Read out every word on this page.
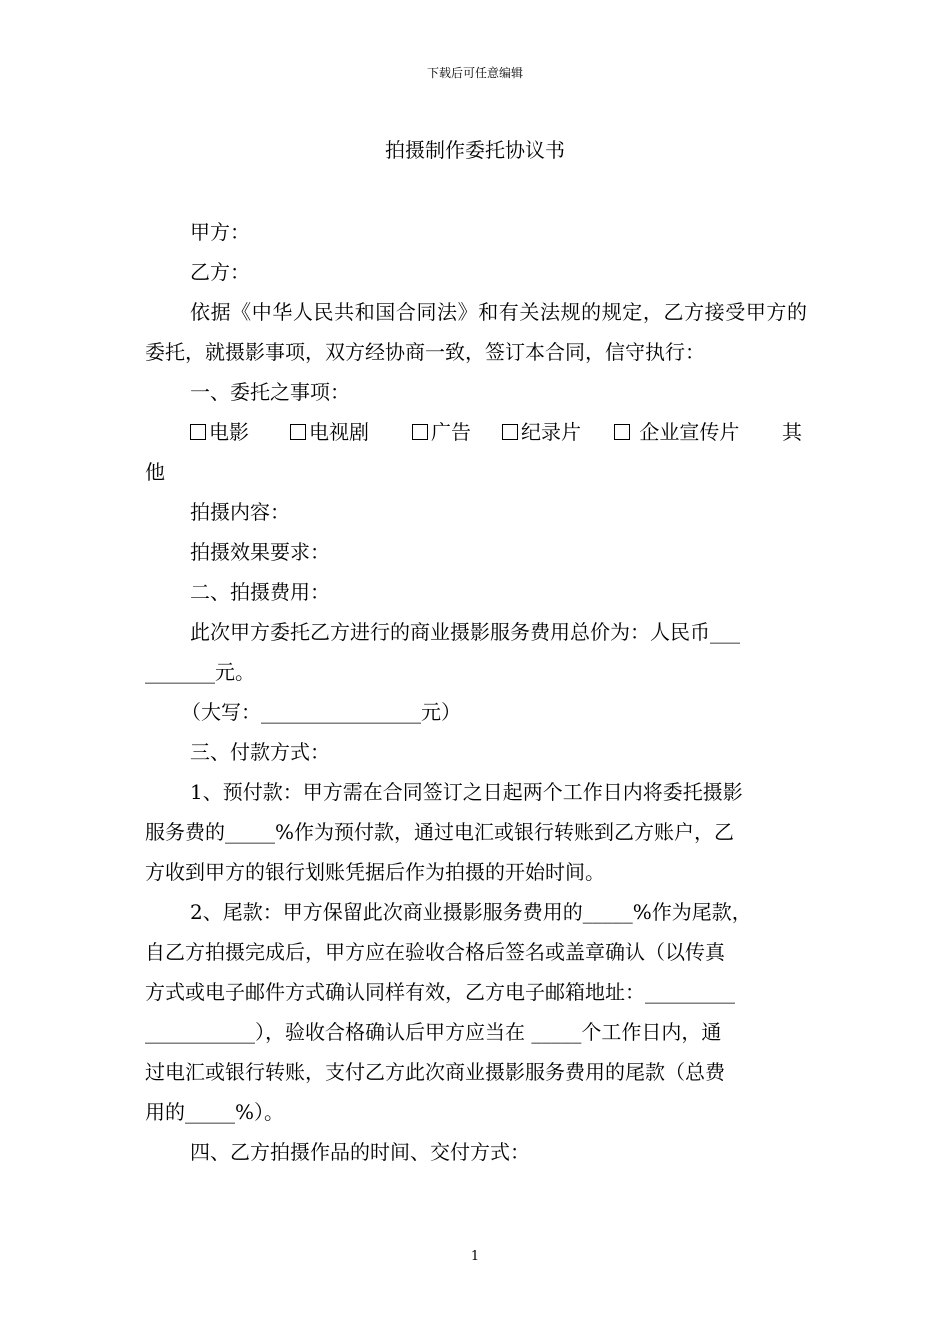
下载后可任意编辑
拍摄制作委托协议书

甲方：

乙方：

依据《中华人民共和国合同法》和有关法规的规定，乙方接受甲方的委托，就摄影事项，双方经协商一致，签订本合同，信守执行：

一、委托之事项：

电影	电视剧	广告	纪录片	企业宣传片	其

他

拍摄内容：

拍摄效果要求：

二、拍摄费用：

此次甲方委托乙方进行的商业摄影服务费用总价为：人民币___

_______元。

（大写：________________元）

三、付款方式：

1、预付款：甲方需在合同签订之日起两个工作日内将委托摄影

服务费的_____%作为预付款，通过电汇或银行转账到乙方账户，乙

方收到甲方的银行划账凭据后作为拍摄的开始时间。

2、尾款：甲方保留此次商业摄影服务费用的_____%作为尾款，

自乙方拍摄完成后，甲方应在验收合格后签名或盖章确认（以传真

方式或电子邮件方式确认同样有效，乙方电子邮箱地址：_________

___________），验收合格确认后甲方应当在 _____个工作日内，通

过电汇或银行转账，支付乙方此次商业摄影服务费用的尾款（总费

用的_____%）。

四、乙方拍摄作品的时间、交付方式：

1
